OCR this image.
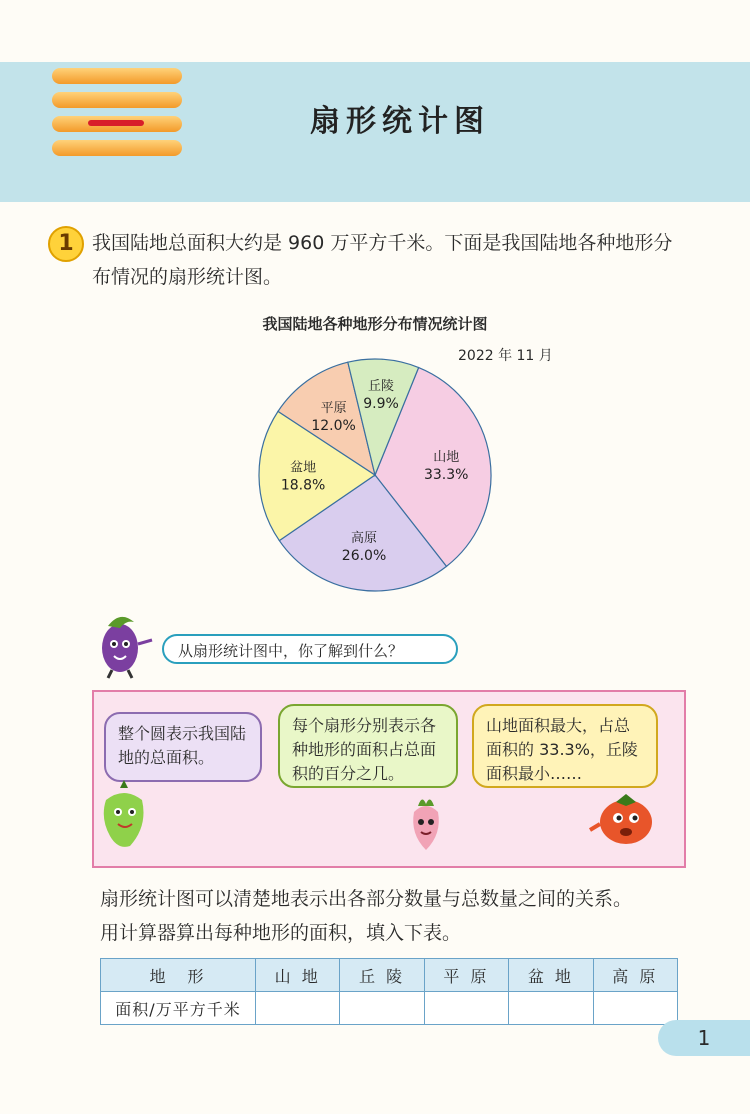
扇形统计图
1 我国陆地总面积大约是 960 万平方千米。下面是我国陆地各种地形分布情况的扇形统计图。
我国陆地各种地形分布情况统计图
2022 年 11 月
山地
33.3%
高原
26.0%
盆地
18.8%
平原
12.0%
丘陵
9.9%
从扇形统计图中，你了解到什么？
整个圆表示我国陆地的总面积。
每个扇形分别表示各种地形的面积占总面积的百分之几。
山地面积最大，占总面积的 33.3%，丘陵面积最小……
扇形统计图可以清楚地表示出各部分数量与总数量之间的关系。
用计算器算出每种地形的面积，填入下表。
地　形	山 地	丘 陵	平 原	盆 地	高 原
面积/万平方千米					
1
